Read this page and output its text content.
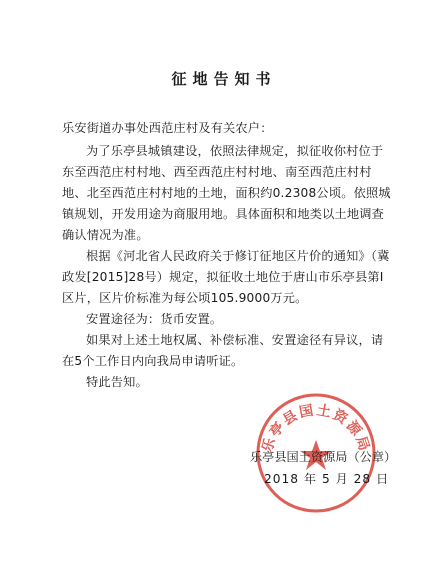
征地告知书

乐安街道办事处西范庄村及有关农户：

为了乐亭县城镇建设，依照法律规定，拟征收你村位于东至西范庄村村地、西至西范庄村村地、南至西范庄村村地、北至西范庄村村地的土地，面积约0.2308公顷。依照城镇规划，开发用途为商服用地。具体面积和地类以土地调查确认情况为准。

根据《河北省人民政府关于修订征地区片价的通知》（冀政发[2015]28号）规定，拟征收土地位于唐山市乐亭县第I区片，区片价标准为每公顷105.9000万元。

安置途径为：货币安置。

如果对上述土地权属、补偿标准、安置途径有异议，请在5个工作日内向我局申请听证。

特此告知。

乐亭县国土资源局
乐亭县国土资源局（公章）
2018 年 5 月 28 日
